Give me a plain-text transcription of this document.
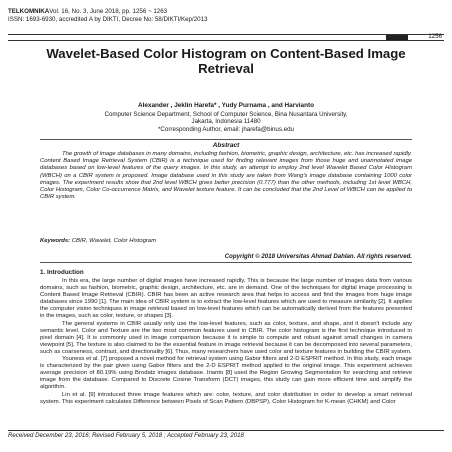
TELKOMNIKAVol. 16, No. 3, June 2018, pp. 1256 ~ 1263
ISSN: 1693-6930, accredited A by DIKTI, Decree No: 58/DIKTI/Kep/2013
1256
Wavelet-Based Color Histogram on Content-Based Image Retrieval
Alexander , Jeklin Harefa* , Yudy Purnama , and Harvianto
Computer Science Department, School of Computer Science, Bina Nusantara University,
Jakarta, Indonesia 11480
*Corresponding Author, email: jharefa@binus.edu
Abstract
The growth of image databases in many domains, including fashion, biometric, graphic design, architecture, etc. has increased rapidly. Content Based Image Retrieval System (CBIR) is a technique used for finding relevant images from those huge and unannotated image databases based on low-level features of the query images. In this study, an attempt to employ 2nd level Wavelet Based Color Histogram (WBCH) on a CBIR system is proposed. Image database used in this study are taken from Wang's image database containing 1000 color images. The experiment results show that 2nd level WBCH gives better precision (0.777) than the other methods, including 1st level WBCH, Color Histogram, Color Co-occurrence Matrix, and Wavelet texture feature. It can be concluded that the 2nd Level of WBCH can be applied to CBIR system.
Keywords: CBIR, Wavelet, Color Histogram
Copyright © 2018 Universitas Ahmad Dahlan. All rights reserved.
1. Introduction

In this era, the large number of digital images have increased rapidly. This is because the large number of images data from various domains, such as fashion, biometric, graphic design, architecture, etc. are in demand. One of the techniques for digital image processing is Content Based Image Retrieval (CBIR). CBIR has been an active research area that helps to access and find the images from huge image databases since 1990 [1]. The main idea of CBIR system is to extract the low-level features which are used to measure similarity [2]. It applies the computer vision techniques in image retrieval based on low-level features which can be automatically derived from the features presented in the images, such as color, texture, or shapes [3].

The general systems in CBIR usually only use the low-level features, such as color, texture, and shape, and it doesn't include any semantic level. Color and Texture are the two most common features used in CBIR. The color histogram is the first technique introduced in pixel domain [4]. It is commonly used in image comparison because it is simple to compute and robust against small changes in camera viewpoint [5]. The texture is also claimed to be the essential feature in image retrieval because it can be decomposed into several parameters, such as coarseness, contrast, and directionality [6]. Thus, many researchers have used color and texture features in building the CBIR system.

Youness et al. [7] proposed a novel method for retrieval system using Gabor filters and 2-D ESPRIT method. In this study, each image is characterized by the pair given using Gabor filters and the 2-D ESPRIT method applied to the original image. This experiment achieves average precision of 80.19% using Brodatz images database. Irianto [8] used the Region Growing Segmentation for searching and retrieve image from the database. Compared to Discrete Cosine Transform (DCT) images, this study can gain more efficient time and simplify the algorithm.

Lin et al. [9] introduced three image features which are: color, texture, and color distribution in order to develop a smart retrieval system. This experiment calculates Difference between Pixels of Scan Pattern (DBPSP), Color Histogram for K-mean (CHKM) and Color

Received December 23, 2016; Revised February 5, 2018 ; Accepted February 23, 2018
